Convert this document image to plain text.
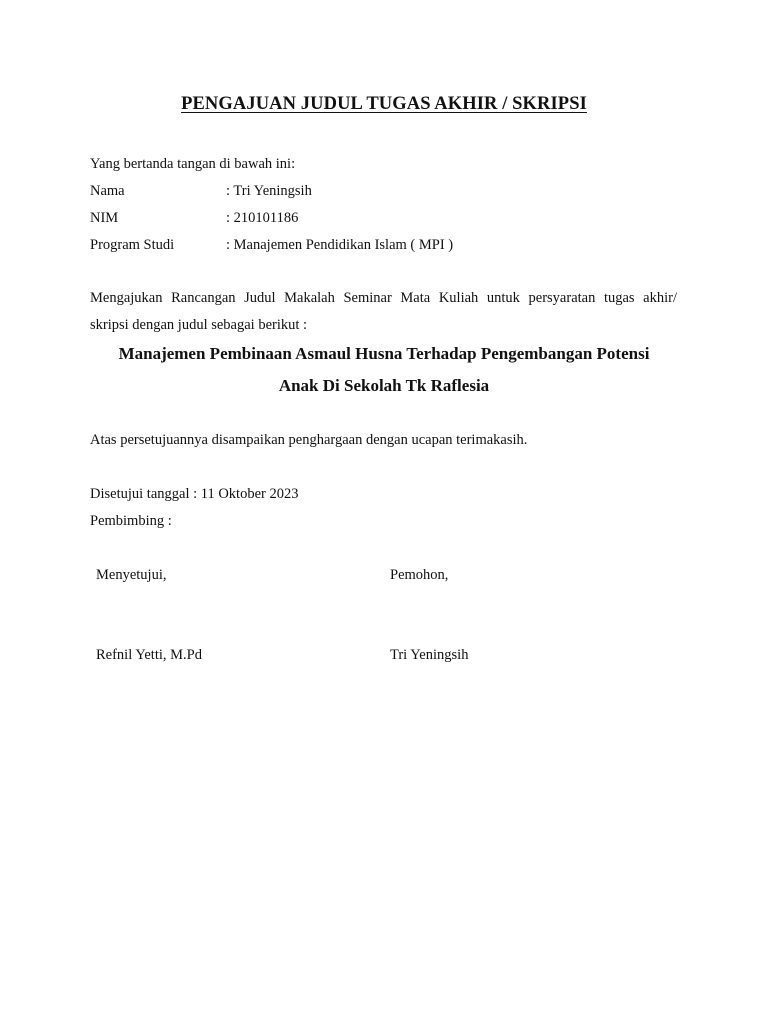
PENGAJUAN JUDUL TUGAS AKHIR / SKRIPSI
Yang bertanda tangan di bawah ini:
Nama	: Tri Yeningsih
NIM	: 210101186
Program Studi	: Manajemen Pendidikan Islam ( MPI )
Mengajukan Rancangan Judul Makalah Seminar Mata Kuliah untuk persyaratan tugas akhir/
skripsi dengan judul sebagai berikut :
Manajemen Pembinaan Asmaul Husna Terhadap Pengembangan Potensi
Anak Di Sekolah Tk Raflesia
Atas persetujuannya disampaikan penghargaan dengan ucapan terimakasih.
Disetujui tanggal : 11 Oktober 2023
Pembimbing :
Menyetujui,	Pemohon,
Refnil Yetti, M.Pd	Tri Yeningsih
